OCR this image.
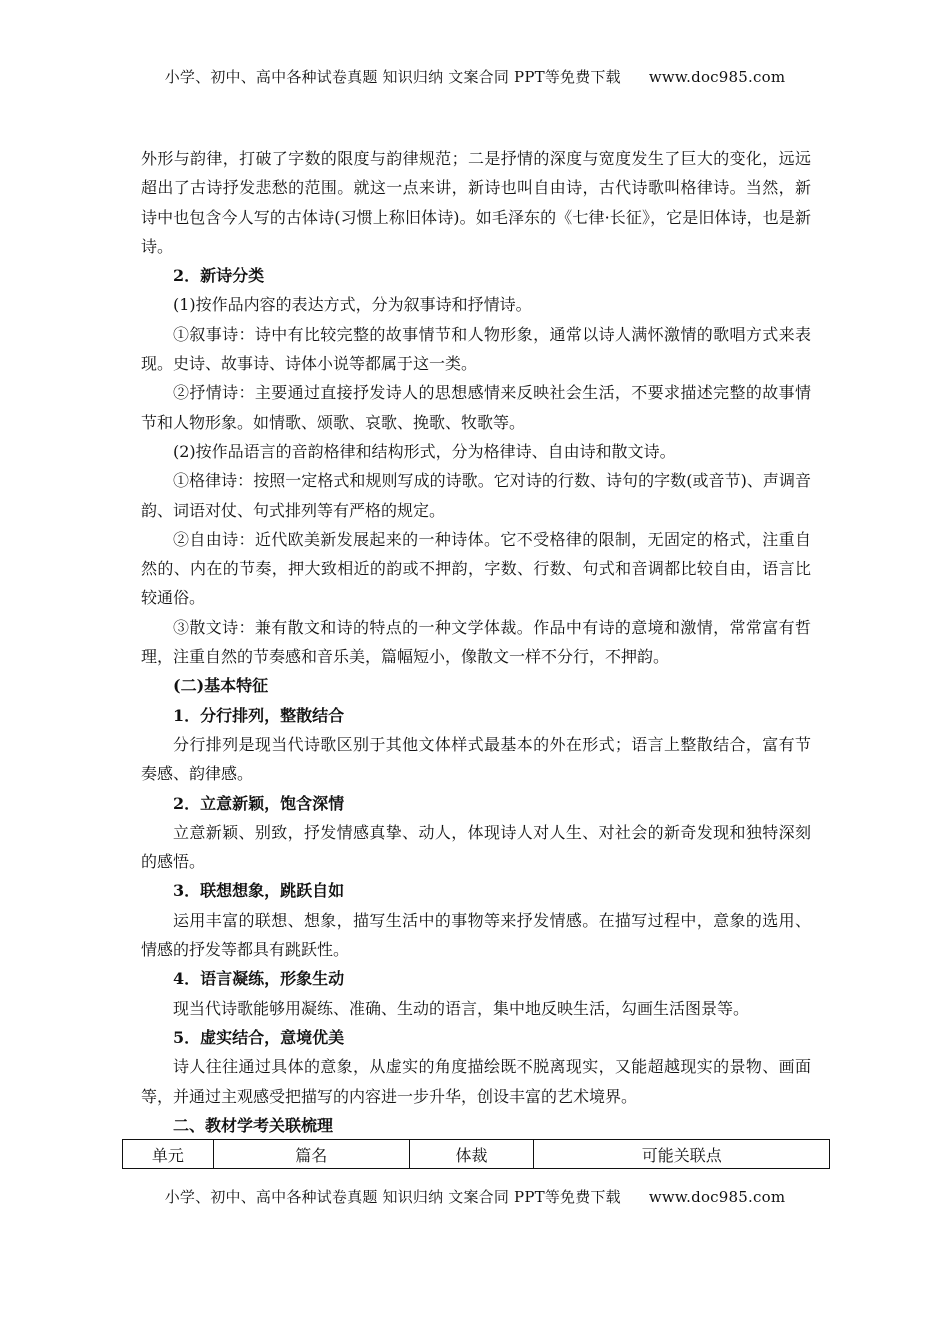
小学、初中、高中各种试卷真题 知识归纳 文案合同 PPT等免费下载 www.doc985.com

外形与韵律，打破了字数的限度与韵律规范；二是抒情的深度与宽度发生了巨大的变化，远远超出了古诗抒发悲愁的范围。就这一点来讲，新诗也叫自由诗，古代诗歌叫格律诗。当然，新诗中也包含今人写的古体诗(习惯上称旧体诗)。如毛泽东的《七律·长征》，它是旧体诗，也是新诗。

2．新诗分类

(1)按作品内容的表达方式，分为叙事诗和抒情诗。

①叙事诗：诗中有比较完整的故事情节和人物形象，通常以诗人满怀激情的歌唱方式来表现。史诗、故事诗、诗体小说等都属于这一类。

②抒情诗：主要通过直接抒发诗人的思想感情来反映社会生活，不要求描述完整的故事情节和人物形象。如情歌、颂歌、哀歌、挽歌、牧歌等。

(2)按作品语言的音韵格律和结构形式，分为格律诗、自由诗和散文诗。

①格律诗：按照一定格式和规则写成的诗歌。它对诗的行数、诗句的字数(或音节)、声调音韵、词语对仗、句式排列等有严格的规定。

②自由诗：近代欧美新发展起来的一种诗体。它不受格律的限制，无固定的格式，注重自然的、内在的节奏，押大致相近的韵或不押韵，字数、行数、句式和音调都比较自由，语言比较通俗。

③散文诗：兼有散文和诗的特点的一种文学体裁。作品中有诗的意境和激情，常常富有哲理，注重自然的节奏感和音乐美，篇幅短小，像散文一样不分行，不押韵。

(二)基本特征

1．分行排列，整散结合

分行排列是现当代诗歌区别于其他文体样式最基本的外在形式；语言上整散结合，富有节奏感、韵律感。

2．立意新颖，饱含深情

立意新颖、别致，抒发情感真挚、动人，体现诗人对人生、对社会的新奇发现和独特深刻的感悟。

3．联想想象，跳跃自如

运用丰富的联想、想象，描写生活中的事物等来抒发情感。在描写过程中，意象的选用、情感的抒发等都具有跳跃性。

4．语言凝练，形象生动

现当代诗歌能够用凝练、准确、生动的语言，集中地反映生活，勾画生活图景等。

5．虚实结合，意境优美

诗人往往通过具体的意象，从虚实的角度描绘既不脱离现实，又能超越现实的景物、画面等，并通过主观感受把描写的内容进一步升华，创设丰富的艺术境界。

二、教材学考关联梳理

单元	篇名	体裁	可能关联点
小学、初中、高中各种试卷真题 知识归纳 文案合同 PPT等免费下载 www.doc985.com
